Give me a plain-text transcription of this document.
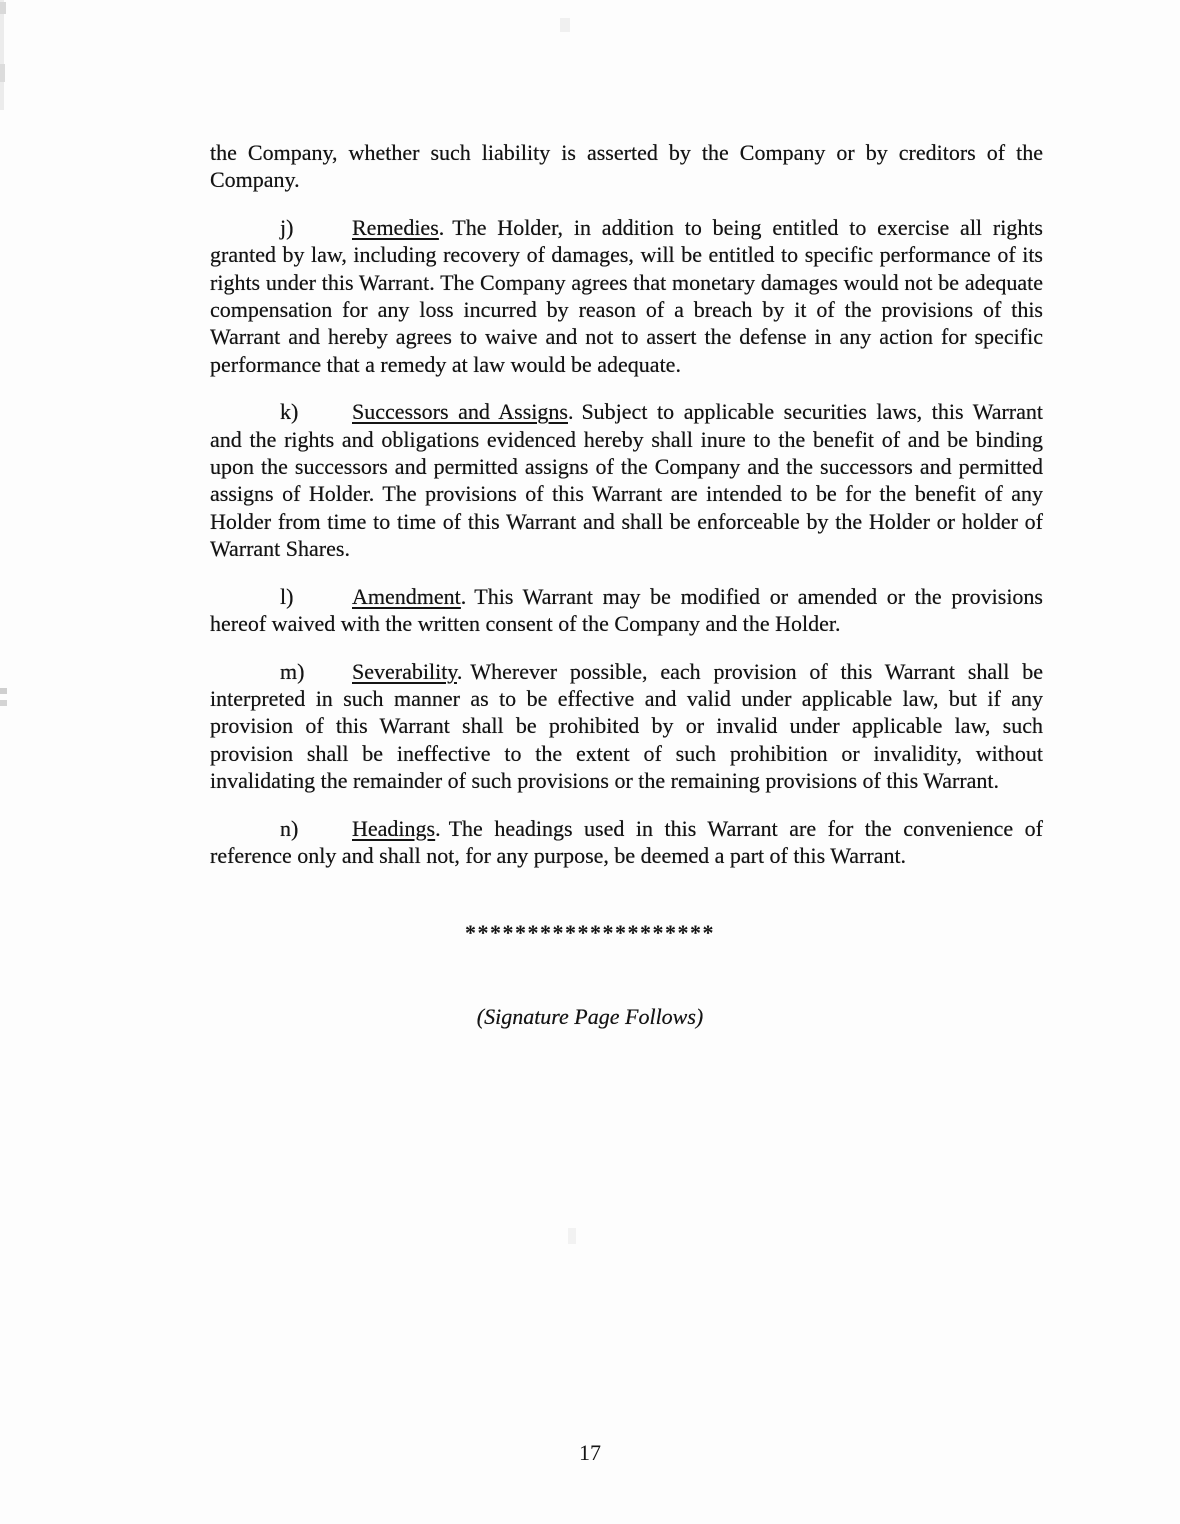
the Company, whether such liability is asserted by the Company or by creditors of the Company.

j)	Remedies. The Holder, in addition to being entitled to exercise all rights granted by law, including recovery of damages, will be entitled to specific performance of its rights under this Warrant. The Company agrees that monetary damages would not be adequate compensation for any loss incurred by reason of a breach by it of the provisions of this Warrant and hereby agrees to waive and not to assert the defense in any action for specific performance that a remedy at law would be adequate.

k) Successors and Assigns. Subject to applicable securities laws, this Warrant and the rights and obligations evidenced hereby shall inure to the benefit of and be binding upon the successors and permitted assigns of the Company and the successors and permitted assigns of Holder. The provisions of this Warrant are intended to be for the benefit of any Holder from time to time of this Warrant and shall be enforceable by the Holder or holder of Warrant Shares.

l)	Amendment. This Warrant may be modified or amended or the provisions hereof waived with the written consent of the Company and the Holder.

m) Severability. Wherever possible, each provision of this Warrant shall be interpreted in such manner as to be effective and valid under applicable law, but if any provision of this Warrant shall be prohibited by or invalid under applicable law, such provision shall be ineffective to the extent of such prohibition or invalidity, without invalidating the remainder of such provisions or the remaining provisions of this Warrant.

n) Headings. The headings used in this Warrant are for the convenience of reference only and shall not, for any purpose, be deemed a part of this Warrant.

********************
(Signature Page Follows)
17
